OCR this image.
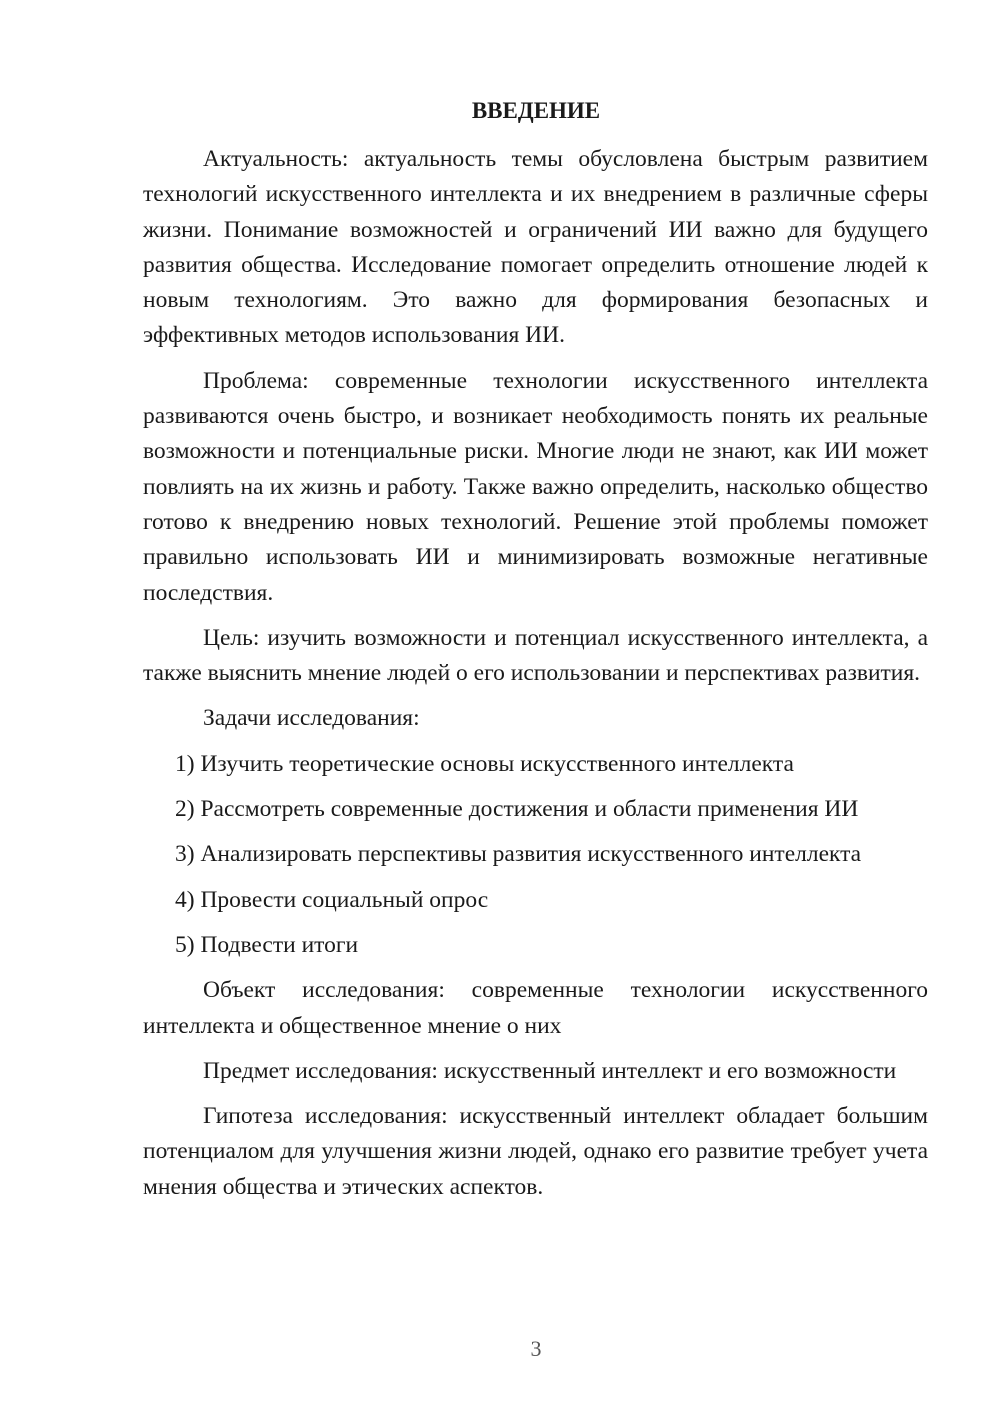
ВВЕДЕНИЕ

Актуальность: актуальность темы обусловлена быстрым развитием технологий искусственного интеллекта и их внедрением в различные сферы жизни. Понимание возможностей и ограничений ИИ важно для будущего развития общества. Исследование помогает определить отношение людей к новым технологиям. Это важно для формирования безопасных и эффективных методов использования ИИ.

Проблема: современные технологии искусственного интеллекта развиваются очень быстро, и возникает необходимость понять их реальные возможности и потенциальные риски. Многие люди не знают, как ИИ может повлиять на их жизнь и работу. Также важно определить, насколько общество готово к внедрению новых технологий. Решение этой проблемы поможет правильно использовать ИИ и минимизировать возможные негативные последствия.

Цель: изучить возможности и потенциал искусственного интеллекта, а также выяснить мнение людей о его использовании и перспективах развития.

Задачи исследования:

1) Изучить теоретические основы искусственного интеллекта

2) Рассмотреть современные достижения и области применения ИИ

3) Анализировать перспективы развития искусственного интеллекта

4) Провести социальный опрос

5) Подвести итоги

Объект исследования: современные технологии искусственного интеллекта и общественное мнение о них

Предмет исследования: искусственный интеллект и его возможности

Гипотеза исследования: искусственный интеллект обладает большим потенциалом для улучшения жизни людей, однако его развитие требует учета мнения общества и этических аспектов.

3
